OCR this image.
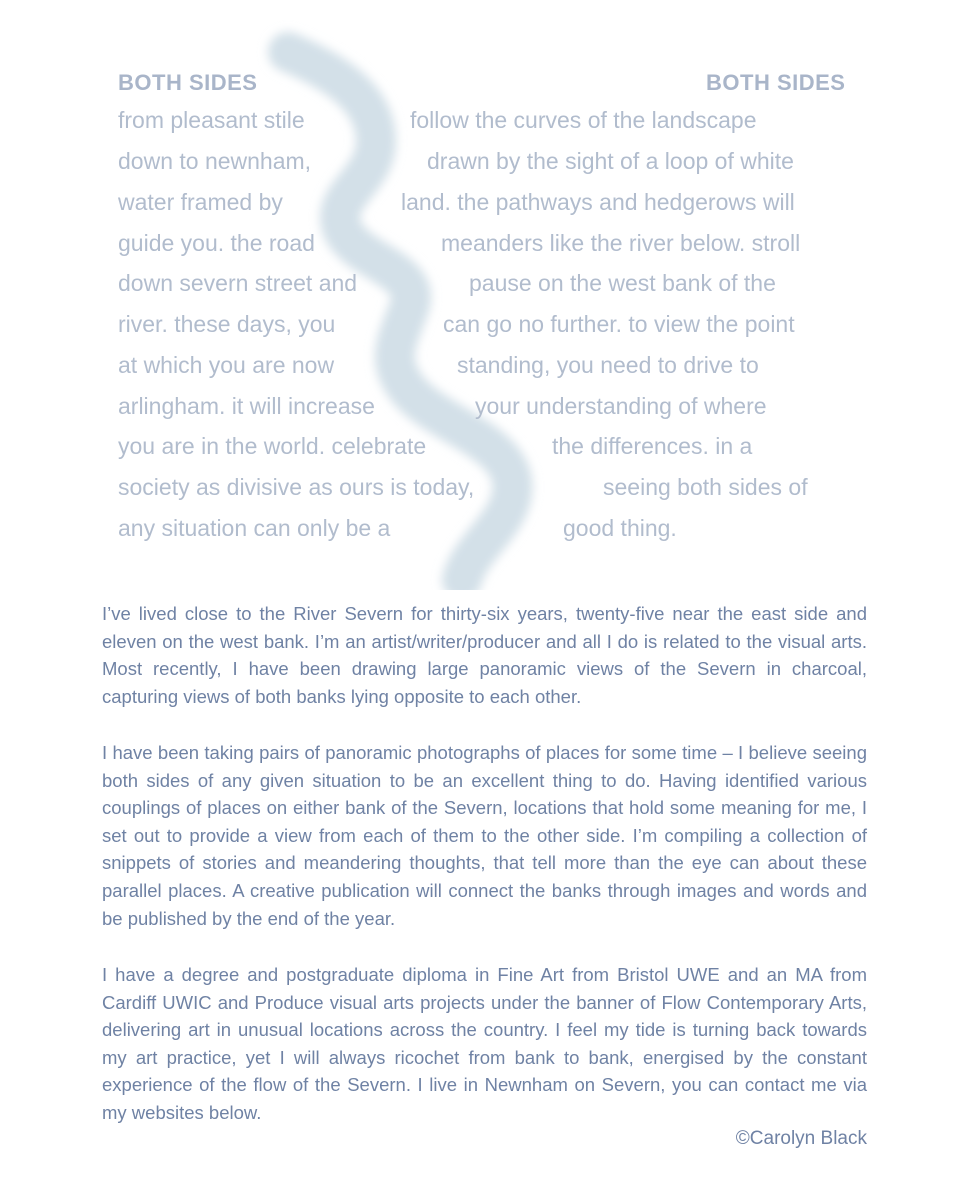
BOTH SIDES	BOTH SIDES

from pleasant stile	follow the curves of the landscape

down to newnham,	drawn by the sight of a loop of white

water framed by	land. the pathways and hedgerows will

guide you. the road	meanders like the river below. stroll

down severn street and	pause on the west bank of the

river. these days, you	can go no further. to view the point

at which you are now	standing, you need to drive to

arlingham. it will increase	your understanding of where

you are in the world. celebrate	the differences. in a

society as divisive as ours is today,	seeing both sides of

any situation can only be a	good thing.

I’ve lived close to the River Severn for thirty-six years, twenty-five near the east side and eleven on the west bank. I’m an artist/writer/producer and all I do is related to the visual arts. Most recently, I have been drawing large panoramic views of the Severn in charcoal, capturing views of both banks lying opposite to each other.

I have been taking pairs of panoramic photographs of places for some time – I believe seeing both sides of any given situation to be an excellent thing to do. Having identified various couplings of places on either bank of the Severn, locations that hold some meaning for me, I set out to provide a view from each of them to the other side. I’m compiling a collection of snippets of stories and meandering thoughts, that tell more than the eye can about these parallel places. A creative publication will connect the banks through images and words and be published by the end of the year.

I have a degree and postgraduate diploma in Fine Art from Bristol UWE and an MA from Cardiff UWIC and Produce visual arts projects under the banner of Flow Contemporary Arts, delivering art in unusual locations across the country. I feel my tide is turning back towards my art practice, yet I will always ricochet from bank to bank, energised by the constant experience of the flow of the Severn. I live in Newnham on Severn, you can contact me via my websites below.

©Carolyn Black
